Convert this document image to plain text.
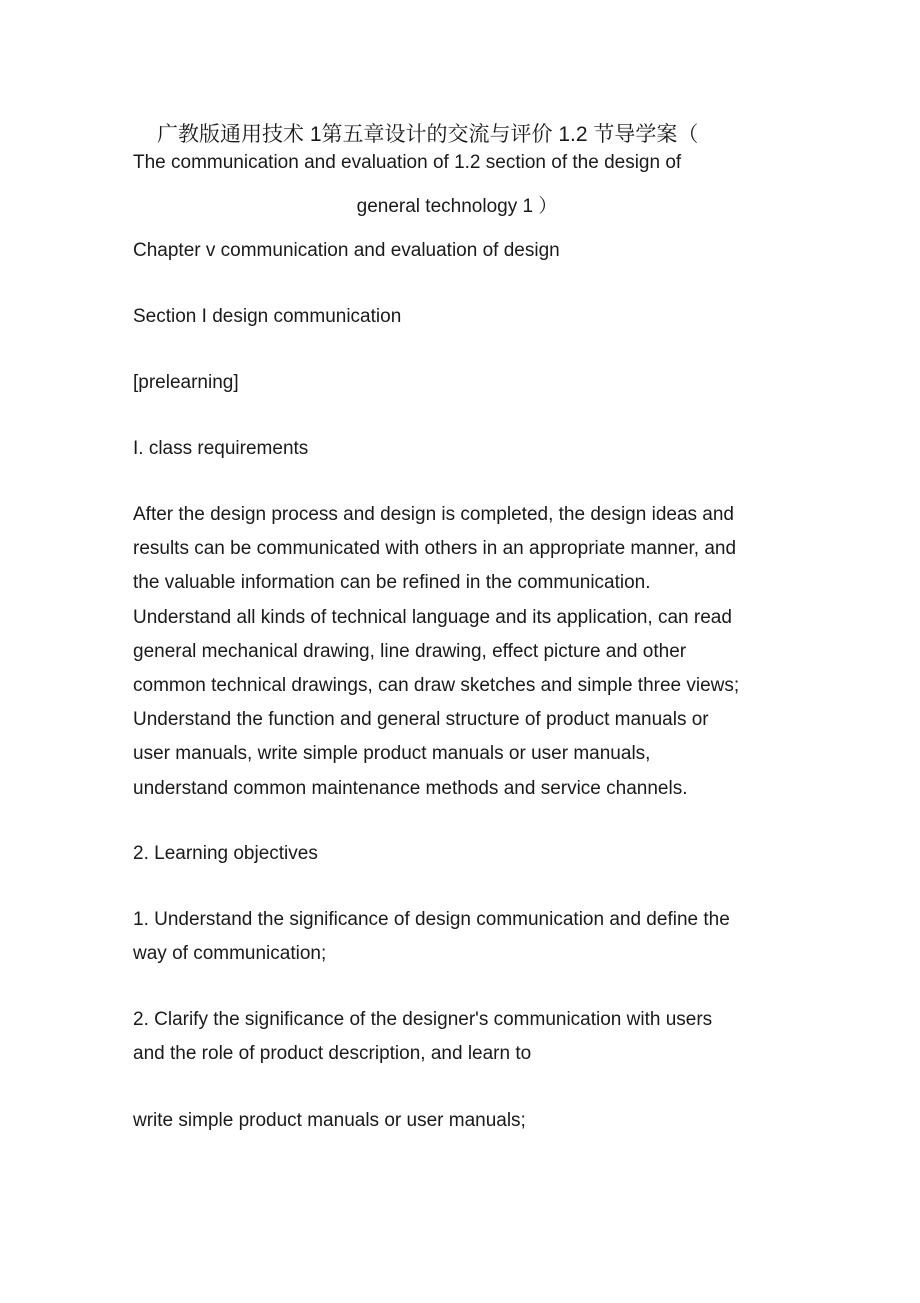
广教版通用技术 1第五章设计的交流与评价 1.2 节导学案（
The communication and evaluation of 1.2 section of the design of
general technology 1 ）
Chapter v communication and evaluation of design
Section I design communication
[prelearning]
I. class requirements
After the design process and design is completed, the design ideas and
results can be communicated with others in an appropriate manner, and
the valuable information can be refined in the communication.
Understand all kinds of technical language and its application, can read
general mechanical drawing, line drawing, effect picture and other
common technical drawings, can draw sketches and simple three views;
Understand the function and general structure of product manuals or
user manuals, write simple product manuals or user manuals,
understand common maintenance methods and service channels.
2. Learning objectives
1. Understand the significance of design communication and define the
way of communication;
2. Clarify the significance of the designer's communication with users
and the role of product description, and learn to
write simple product manuals or user manuals;
